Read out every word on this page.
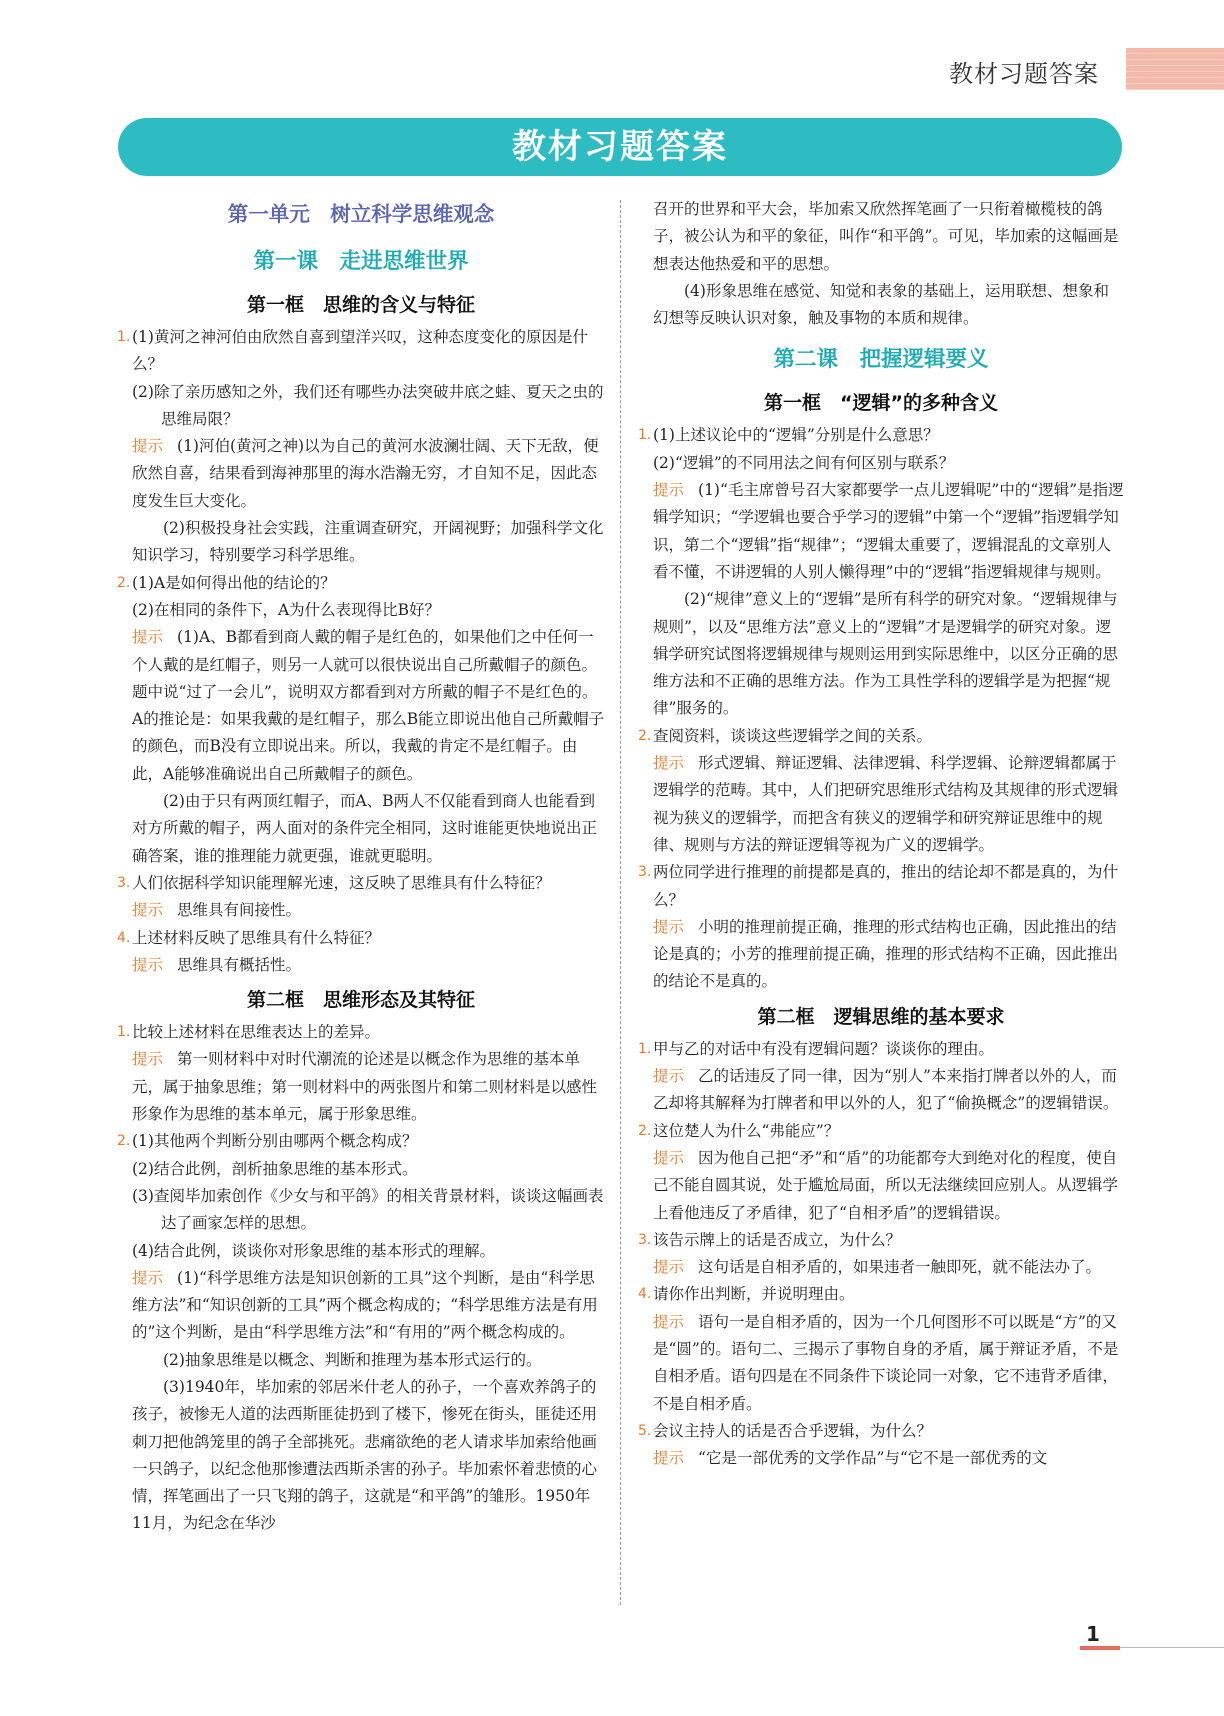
教材习题答案
教材习题答案
第一单元　树立科学思维观念
第一课　走进思维世界
第一框　思维的含义与特征
1. (1)黄河之神河伯由欣然自喜到望洋兴叹，这种态度变化的原因是什么？
(2)除了亲历感知之外，我们还有哪些办法突破井底之蛙、夏天之虫的思维局限？
提示 (1)河伯(黄河之神)以为自己的黄河水波澜壮阔、天下无敌，便欣然自喜，结果看到海神那里的海水浩瀚无穷，才自知不足，因此态度发生巨大变化。
(2)积极投身社会实践，注重调查研究，开阔视野；加强科学文化知识学习，特别要学习科学思维。
2. (1)A是如何得出他的结论的？
(2)在相同的条件下，A为什么表现得比B好？
提示 (1)A、B都看到商人戴的帽子是红色的，如果他们之中任何一个人戴的是红帽子，则另一人就可以很快说出自己所戴帽子的颜色。题中说“过了一会儿”，说明双方都看到对方所戴的帽子不是红色的。A的推论是：如果我戴的是红帽子，那么B能立即说出他自己所戴帽子的颜色，而B没有立即说出来。所以，我戴的肯定不是红帽子。由此，A能够准确说出自己所戴帽子的颜色。
(2)由于只有两顶红帽子，而A、B两人不仅能看到商人也能看到对方所戴的帽子，两人面对的条件完全相同，这时谁能更快地说出正确答案，谁的推理能力就更强，谁就更聪明。
3. 人们依据科学知识能理解光速，这反映了思维具有什么特征？
提示 思维具有间接性。
4. 上述材料反映了思维具有什么特征？
提示 思维具有概括性。
第二框　思维形态及其特征
1. 比较上述材料在思维表达上的差异。
提示 第一则材料中对时代潮流的论述是以概念作为思维的基本单元，属于抽象思维；第一则材料中的两张图片和第二则材料是以感性形象作为思维的基本单元，属于形象思维。
2. (1)其他两个判断分别由哪两个概念构成？
(2)结合此例，剖析抽象思维的基本形式。
(3)查阅毕加索创作《少女与和平鸽》的相关背景材料，谈谈这幅画表达了画家怎样的思想。
(4)结合此例，谈谈你对形象思维的基本形式的理解。
提示 (1)“科学思维方法是知识创新的工具”这个判断，是由“科学思维方法”和“知识创新的工具”两个概念构成的；“科学思维方法是有用的”这个判断，是由“科学思维方法”和“有用的”两个概念构成的。
(2)抽象思维是以概念、判断和推理为基本形式运行的。
(3)1940年，毕加索的邻居米什老人的孙子，一个喜欢养鸽子的孩子，被惨无人道的法西斯匪徒扔到了楼下，惨死在街头，匪徒还用刺刀把他鸽笼里的鸽子全部挑死。悲痛欲绝的老人请求毕加索给他画一只鸽子，以纪念他那惨遭法西斯杀害的孙子。毕加索怀着悲愤的心情，挥笔画出了一只飞翔的鸽子，这就是“和平鸽”的雏形。1950年11月，为纪念在华沙
召开的世界和平大会，毕加索又欣然挥笔画了一只衔着橄榄枝的鸽子，被公认为和平的象征，叫作“和平鸽”。可见，毕加索的这幅画是想表达他热爱和平的思想。
(4)形象思维在感觉、知觉和表象的基础上，运用联想、想象和幻想等反映认识对象，触及事物的本质和规律。
第二课　把握逻辑要义
第一框　“逻辑”的多种含义
1. (1)上述议论中的“逻辑”分别是什么意思？
(2)“逻辑”的不同用法之间有何区别与联系？
提示 (1)“毛主席曾号召大家都要学一点儿逻辑呢”中的“逻辑”是指逻辑学知识；“学逻辑也要合乎学习的逻辑”中第一个“逻辑”指逻辑学知识，第二个“逻辑”指“规律”；“逻辑太重要了，逻辑混乱的文章别人看不懂，不讲逻辑的人别人懒得理”中的“逻辑”指逻辑规律与规则。
(2)“规律”意义上的“逻辑”是所有科学的研究对象。“逻辑规律与规则”，以及“思维方法”意义上的“逻辑”才是逻辑学的研究对象。逻辑学研究试图将逻辑规律与规则运用到实际思维中，以区分正确的思维方法和不正确的思维方法。作为工具性学科的逻辑学是为把握“规律”服务的。
2. 查阅资料，谈谈这些逻辑学之间的关系。
提示 形式逻辑、辩证逻辑、法律逻辑、科学逻辑、论辩逻辑都属于逻辑学的范畴。其中，人们把研究思维形式结构及其规律的形式逻辑视为狭义的逻辑学，而把含有狭义的逻辑学和研究辩证思维中的规律、规则与方法的辩证逻辑等视为广义的逻辑学。
3. 两位同学进行推理的前提都是真的，推出的结论却不都是真的，为什么？
提示 小明的推理前提正确，推理的形式结构也正确，因此推出的结论是真的；小芳的推理前提正确，推理的形式结构不正确，因此推出的结论不是真的。
第二框　逻辑思维的基本要求
1. 甲与乙的对话中有没有逻辑问题？谈谈你的理由。
提示 乙的话违反了同一律，因为“别人”本来指打牌者以外的人，而乙却将其解释为打牌者和甲以外的人，犯了“偷换概念”的逻辑错误。
2. 这位楚人为什么“弗能应”？
提示 因为他自己把“矛”和“盾”的功能都夸大到绝对化的程度，使自己不能自圆其说，处于尴尬局面，所以无法继续回应别人。从逻辑学上看他违反了矛盾律，犯了“自相矛盾”的逻辑错误。
3. 该告示牌上的话是否成立，为什么？
提示 这句话是自相矛盾的，如果违者一触即死，就不能法办了。
4. 请你作出判断，并说明理由。
提示 语句一是自相矛盾的，因为一个几何图形不可以既是“方”的又是“圆”的。语句二、三揭示了事物自身的矛盾，属于辩证矛盾，不是自相矛盾。语句四是在不同条件下谈论同一对象，它不违背矛盾律，不是自相矛盾。
5. 会议主持人的话是否合乎逻辑，为什么？
提示 “它是一部优秀的文学作品”与“它不是一部优秀的文
1
